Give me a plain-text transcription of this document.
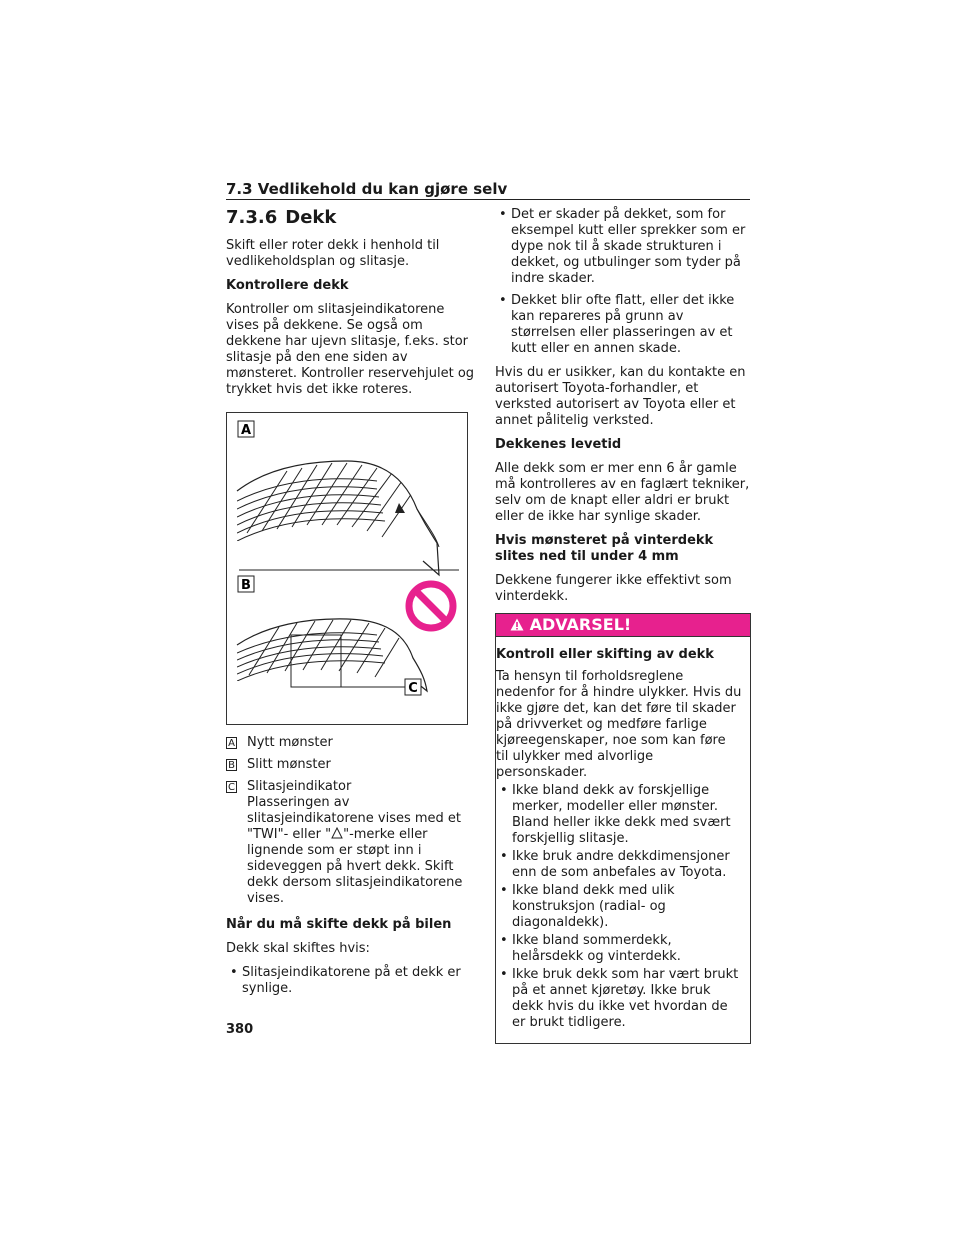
7.3 Vedlikehold du kan gjøre selv
7.3.6 Dekk

Skift eller roter dekk i henhold til vedlikeholdsplan og slitasje.

Kontrollere dekk

Kontroller om slitasjeindikatorene vises på dekkene. Se også om dekkene har ujevn slitasje, f.eks. stor slitasje på den ene siden av mønsteret. Kontroller reservehjulet og trykket hvis det ikke roteres.

A
B
C
A Nytt mønster
B Slitt mønster
C Slitasjeindikator
Plasseringen av slitasjeindikatorene vises med et "TWI"- eller " "-merke eller lignende som er støpt inn i sideveggen på hvert dekk. Skift dekk dersom slitasjeindikatorene vises.

Når du må skifte dekk på bilen

Dekk skal skiftes hvis:

• Slitasjeindikatorene på et dekk er synlige.
• Det er skader på dekket, som for eksempel kutt eller sprekker som er dype nok til å skade strukturen i dekket, og utbulinger som tyder på indre skader.
• Dekket blir ofte flatt, eller det ikke kan repareres på grunn av størrelsen eller plasseringen av et kutt eller en annen skade.

Hvis du er usikker, kan du kontakte en autorisert Toyota-forhandler, et verksted autorisert av Toyota eller et annet pålitelig verksted.

Dekkenes levetid

Alle dekk som er mer enn 6 år gamle må kontrolleres av en faglært tekniker, selv om de knapt eller aldri er brukt eller de ikke har synlige skader.

Hvis mønsteret på vinterdekk slites ned til under 4 mm

Dekkene fungerer ikke effektivt som vinterdekk.

ADVARSEL!

Kontroll eller skifting av dekk

Ta hensyn til forholdsreglene nedenfor for å hindre ulykker. Hvis du ikke gjøre det, kan det føre til skader på drivverket og medføre farlige kjøreegenskaper, noe som kan føre til ulykker med alvorlige personskader.

• Ikke bland dekk av forskjellige merker, modeller eller mønster. Bland heller ikke dekk med svært forskjellig slitasje.
• Ikke bruk andre dekkdimensjoner enn de som anbefales av Toyota.
• Ikke bland dekk med ulik konstruksjon (radial- og diagonaldekk).
• Ikke bland sommerdekk, helårsdekk og vinterdekk.
• Ikke bruk dekk som har vært brukt på et annet kjøretøy. Ikke bruk dekk hvis du ikke vet hvordan de er brukt tidligere.
380
